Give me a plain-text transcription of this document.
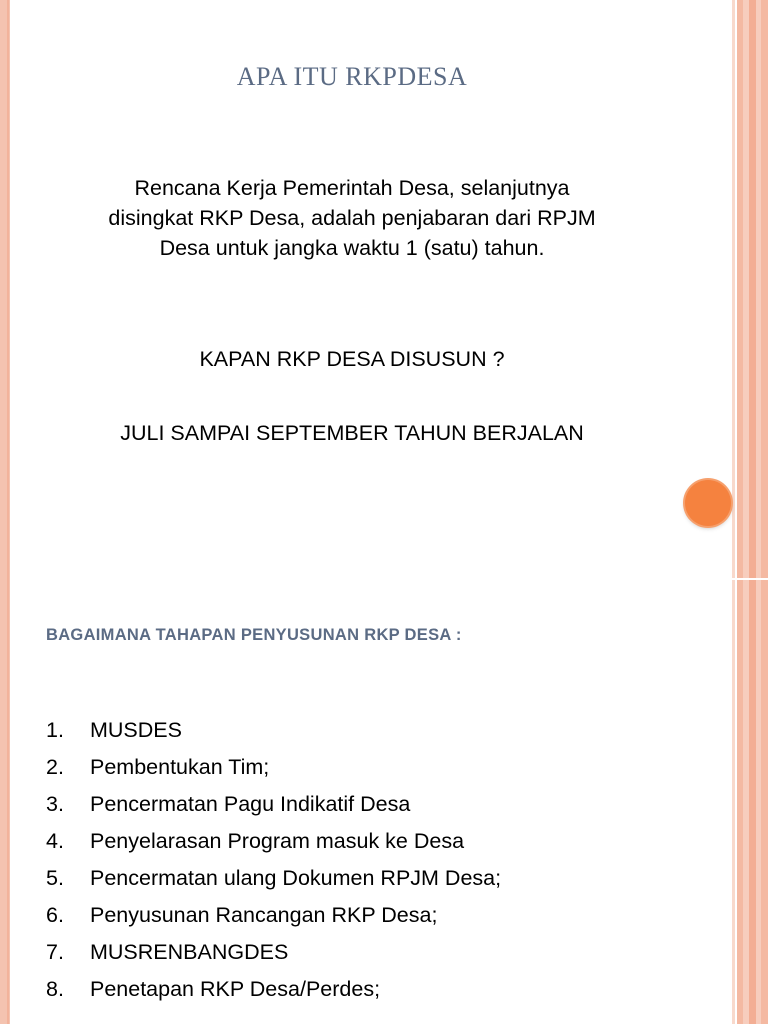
APA ITU RKPDESA
Rencana Kerja Pemerintah Desa, selanjutnya
disingkat RKP Desa, adalah penjabaran dari RPJM
Desa untuk jangka waktu 1 (satu) tahun.
KAPAN RKP DESA DISUSUN ?
JULI SAMPAI SEPTEMBER TAHUN BERJALAN
BAGAIMANA TAHAPAN PENYUSUNAN RKP DESA :
1.	MUSDES
2.	Pembentukan Tim;
3.	Pencermatan Pagu Indikatif Desa
4.	Penyelarasan Program masuk ke Desa
5.	Pencermatan ulang Dokumen RPJM Desa;
6.	Penyusunan Rancangan RKP Desa;
7.	MUSRENBANGDES
8.	Penetapan RKP Desa/Perdes;
